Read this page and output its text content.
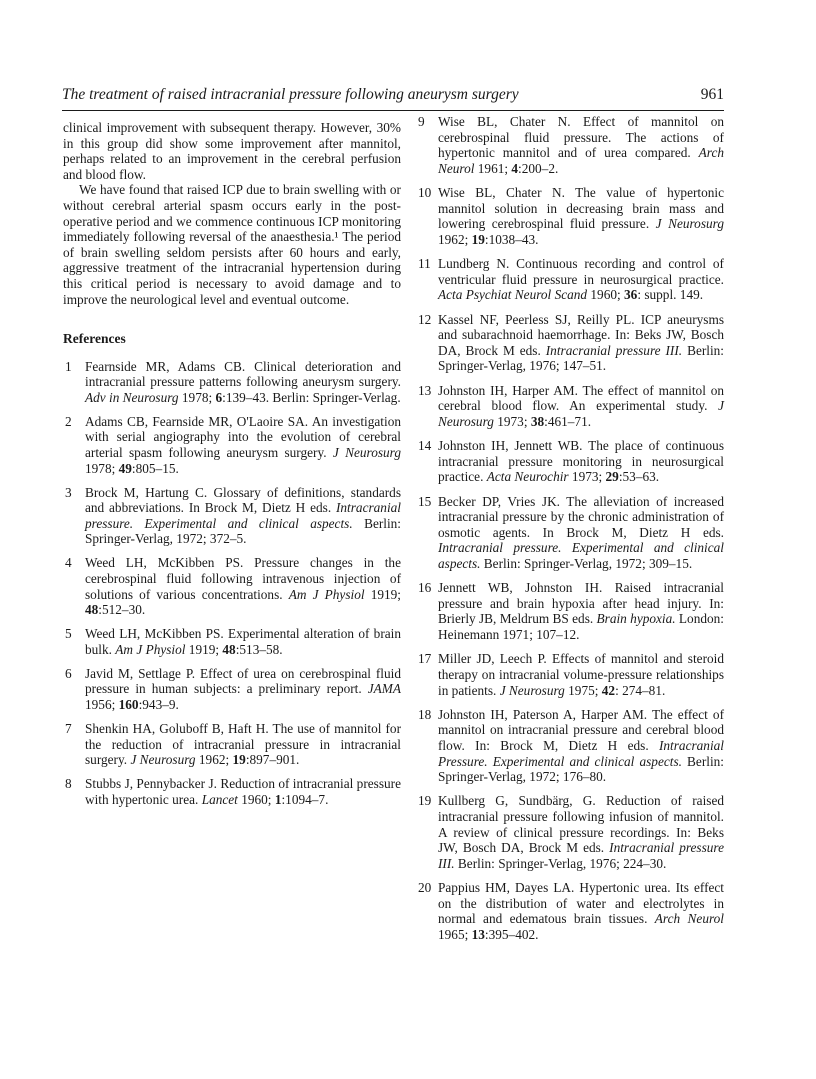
The treatment of raised intracranial pressure following aneurysm surgery	961

clinical improvement with subsequent therapy. However, 30% in this group did show some improvement after mannitol, perhaps related to an improvement in the cerebral perfusion and blood flow.

We have found that raised ICP due to brain swelling with or without cerebral arterial spasm occurs early in the post-operative period and we commence continuous ICP monitoring immediately following reversal of the anaesthesia.¹ The period of brain swelling seldom persists after 60 hours and early, aggressive treatment of the intracranial hypertension during this critical period is necessary to avoid damage and to improve the neurological level and eventual outcome.

References
1	Fearnside MR, Adams CB. Clinical deterioration and intracranial pressure patterns following aneurysm surgery. Adv in Neurosurg 1978; 6:139–43. Berlin: Springer-Verlag.
2	Adams CB, Fearnside MR, O'Laoire SA. An investigation with serial angiography into the evolution of cerebral arterial spasm following aneurysm surgery. J Neurosurg 1978; 49:805–15.
3	Brock M, Hartung C. Glossary of definitions, standards and abbreviations. In Brock M, Dietz H eds. Intracranial pressure. Experimental and clinical aspects. Berlin: Springer-Verlag, 1972; 372–5.
4	Weed LH, McKibben PS. Pressure changes in the cerebrospinal fluid following intravenous injection of solutions of various concentrations. Am J Physiol 1919; 48:512–30.
5	Weed LH, McKibben PS. Experimental alteration of brain bulk. Am J Physiol 1919; 48:513–58.
6	Javid M, Settlage P. Effect of urea on cerebrospinal fluid pressure in human subjects: a preliminary report. JAMA 1956; 160:943–9.
7	Shenkin HA, Goluboff B, Haft H. The use of mannitol for the reduction of intracranial pressure in intracranial surgery. J Neurosurg 1962; 19:897–901.
8	Stubbs J, Pennybacker J. Reduction of intracranial pressure with hypertonic urea. Lancet 1960; 1:1094–7.
9	Wise BL, Chater N. Effect of mannitol on cerebrospinal fluid pressure. The actions of hypertonic mannitol and of urea compared. Arch Neurol 1961; 4:200–2.
10 Wise BL, Chater N. The value of hypertonic mannitol solution in decreasing brain mass and lowering cerebrospinal fluid pressure. J Neurosurg 1962; 19:1038–43.
11 Lundberg N. Continuous recording and control of ventricular fluid pressure in neurosurgical practice. Acta Psychiat Neurol Scand 1960; 36: suppl. 149.
12 Kassel NF, Peerless SJ, Reilly PL. ICP aneurysms and subarachnoid haemorrhage. In: Beks JW, Bosch DA, Brock M eds. Intracranial pressure III. Berlin: Springer-Verlag, 1976; 147–51.
13 Johnston IH, Harper AM. The effect of mannitol on cerebral blood flow. An experimental study. J Neurosurg 1973; 38:461–71.
14 Johnston IH, Jennett WB. The place of continuous intracranial pressure monitoring in neurosurgical practice. Acta Neurochir 1973; 29:53–63.
15 Becker DP, Vries JK. The alleviation of increased intracranial pressure by the chronic administration of osmotic agents. In Brock M, Dietz H eds. Intracranial pressure. Experimental and clinical aspects. Berlin: Springer-Verlag, 1972; 309–15.
16 Jennett WB, Johnston IH. Raised intracranial pressure and brain hypoxia after head injury. In: Brierly JB, Meldrum BS eds. Brain hypoxia. London: Heinemann 1971; 107–12.
17 Miller JD, Leech P. Effects of mannitol and steroid therapy on intracranial volume-pressure relationships in patients. J Neurosurg 1975; 42: 274–81.
18 Johnston IH, Paterson A, Harper AM. The effect of mannitol on intracranial pressure and cerebral blood flow. In: Brock M, Dietz H eds. Intracranial Pressure. Experimental and clinical aspects. Berlin: Springer-Verlag, 1972; 176–80.
19 Kullberg G, Sundbärg, G. Reduction of raised intracranial pressure following infusion of mannitol. A review of clinical pressure recordings. In: Beks JW, Bosch DA, Brock M eds. Intracranial pressure III. Berlin: Springer-Verlag, 1976; 224–30.
20 Pappius HM, Dayes LA. Hypertonic urea. Its effect on the distribution of water and electrolytes in normal and edematous brain tissues. Arch Neurol 1965; 13:395–402.
